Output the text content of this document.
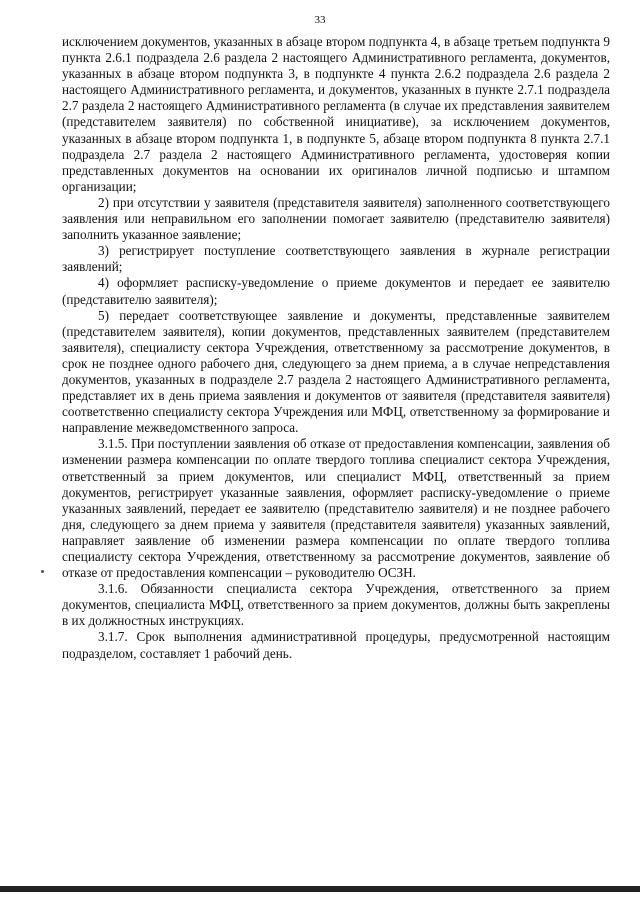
33

исключением документов, указанных в абзаце втором подпункта 4, в абзаце третьем подпункта 9 пункта 2.6.1 подраздела 2.6 раздела 2 настоящего Административного регламента, документов, указанных в абзаце втором подпункта 3, в подпункте 4 пункта 2.6.2 подраздела 2.6 раздела 2 настоящего Административного регламента, и документов, указанных в пункте 2.7.1 подраздела 2.7 раздела 2 настоящего Административного регламента (в случае их представления заявителем (представителем заявителя) по собственной инициативе), за исключением документов, указанных в абзаце втором подпункта 1, в подпункте 5, абзаце втором подпункта 8 пункта 2.7.1 подраздела 2.7 раздела 2 настоящего Административного регламента, удостоверяя копии представленных документов на основании их оригиналов личной подписью и штампом организации;

2) при отсутствии у заявителя (представителя заявителя) заполненного соответствующего заявления или неправильном его заполнении помогает заявителю (представителю заявителя) заполнить указанное заявление;

3) регистрирует поступление соответствующего заявления в журнале регистрации заявлений;

4) оформляет расписку-уведомление о приеме документов и передает ее заявителю (представителю заявителя);

5) передает соответствующее заявление и документы, представленные заявителем (представителем заявителя), копии документов, представленных заявителем (представителем заявителя), специалисту сектора Учреждения, ответственному за рассмотрение документов, в срок не позднее одного рабочего дня, следующего за днем приема, а в случае непредставления документов, указанных в подразделе 2.7 раздела 2 настоящего Административного регламента, представляет их в день приема заявления и документов от заявителя (представителя заявителя) соответственно специалисту сектора Учреждения или МФЦ, ответственному за формирование и направление межведомственного запроса.

3.1.5. При поступлении заявления об отказе от предоставления компенсации, заявления об изменении размера компенсации по оплате твердого топлива специалист сектора Учреждения, ответственный за прием документов, или специалист МФЦ, ответственный за прием документов, регистрирует указанные заявления, оформляет расписку-уведомление о приеме указанных заявлений, передает ее заявителю (представителю заявителя) и не позднее рабочего дня, следующего за днем приема у заявителя (представителя заявителя) указанных заявлений, направляет заявление об изменении размера компенсации по оплате твердого топлива специалисту сектора Учреждения, ответственному за рассмотрение документов, заявление об отказе от предоставления компенсации – руководителю ОСЗН.

3.1.6. Обязанности специалиста сектора Учреждения, ответственного за прием документов, специалиста МФЦ, ответственного за прием документов, должны быть закреплены в их должностных инструкциях.

3.1.7. Срок выполнения административной процедуры, предусмотренной настоящим подразделом, составляет 1 рабочий день.
